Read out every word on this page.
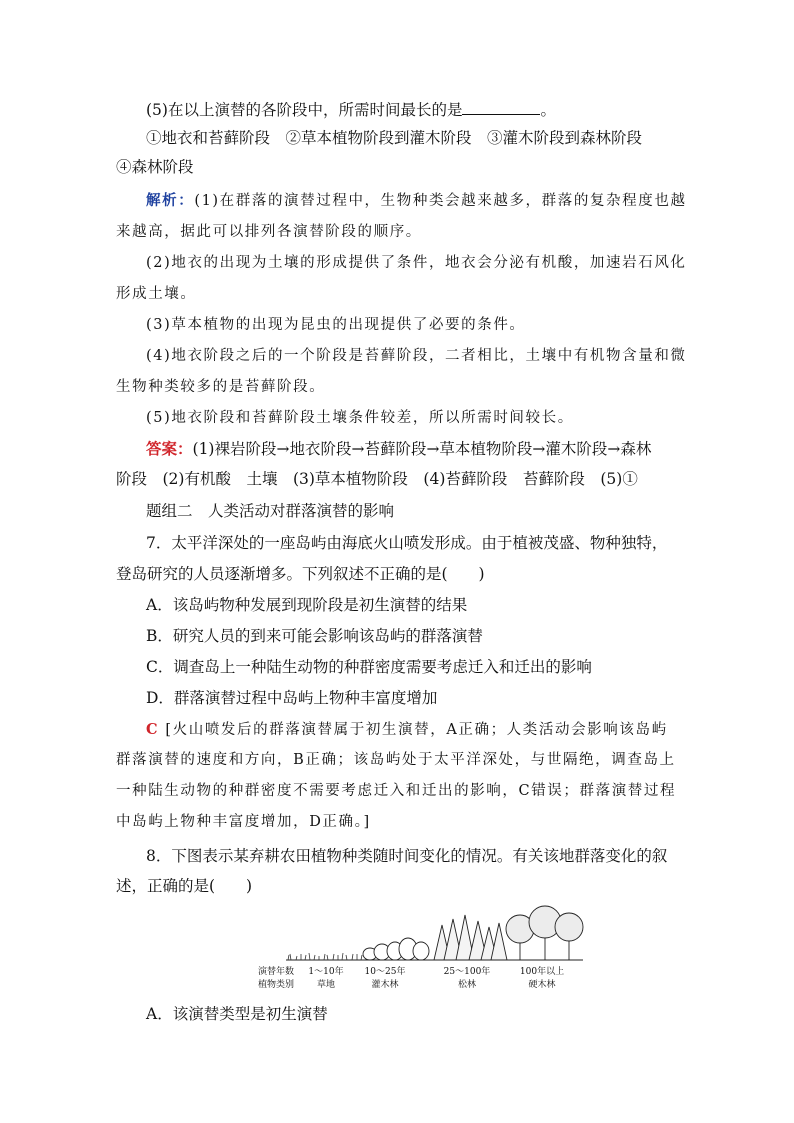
(5)在以上演替的各阶段中，所需时间最长的是	。
①地衣和苔藓阶段　②草本植物阶段到灌木阶段　③灌木阶段到森林阶段
④森林阶段
解析：(1)在群落的演替过程中，生物种类会越来越多，群落的复杂程度也越
来越高，据此可以排列各演替阶段的顺序。
(2)地衣的出现为土壤的形成提供了条件，地衣会分泌有机酸，加速岩石风化
形成土壤。
(3)草本植物的出现为昆虫的出现提供了必要的条件。
(4)地衣阶段之后的一个阶段是苔藓阶段，二者相比，土壤中有机物含量和微
生物种类较多的是苔藓阶段。
(5)地衣阶段和苔藓阶段土壤条件较差，所以所需时间较长。
答案：(1)裸岩阶段→地衣阶段→苔藓阶段→草本植物阶段→灌木阶段→森林
阶段　(2)有机酸　土壤　(3)草本植物阶段　(4)苔藓阶段　苔藓阶段　(5)①
题组二　人类活动对群落演替的影响
7．太平洋深处的一座岛屿由海底火山喷发形成。由于植被茂盛、物种独特，
登岛研究的人员逐渐增多。下列叙述不正确的是(　　)
A．该岛屿物种发展到现阶段是初生演替的结果
B．研究人员的到来可能会影响该岛屿的群落演替
C．调查岛上一种陆生动物的种群密度需要考虑迁入和迁出的影响
D．群落演替过程中岛屿上物种丰富度增加
C [火山喷发后的群落演替属于初生演替，A正确；人类活动会影响该岛屿
群落演替的速度和方向，B正确；该岛屿处于太平洋深处，与世隔绝，调查岛上
一种陆生动物的种群密度不需要考虑迁入和迁出的影响，C错误；群落演替过程
中岛屿上物种丰富度增加，D正确。]
8．下图表示某弃耕农田植物种类随时间变化的情况。有关该地群落变化的叙
述，正确的是(　　)
演替年数
植物类别
1～10年
草地
10～25年
灌木林
25～100年
松林
100年以上
硬木林
A．该演替类型是初生演替
